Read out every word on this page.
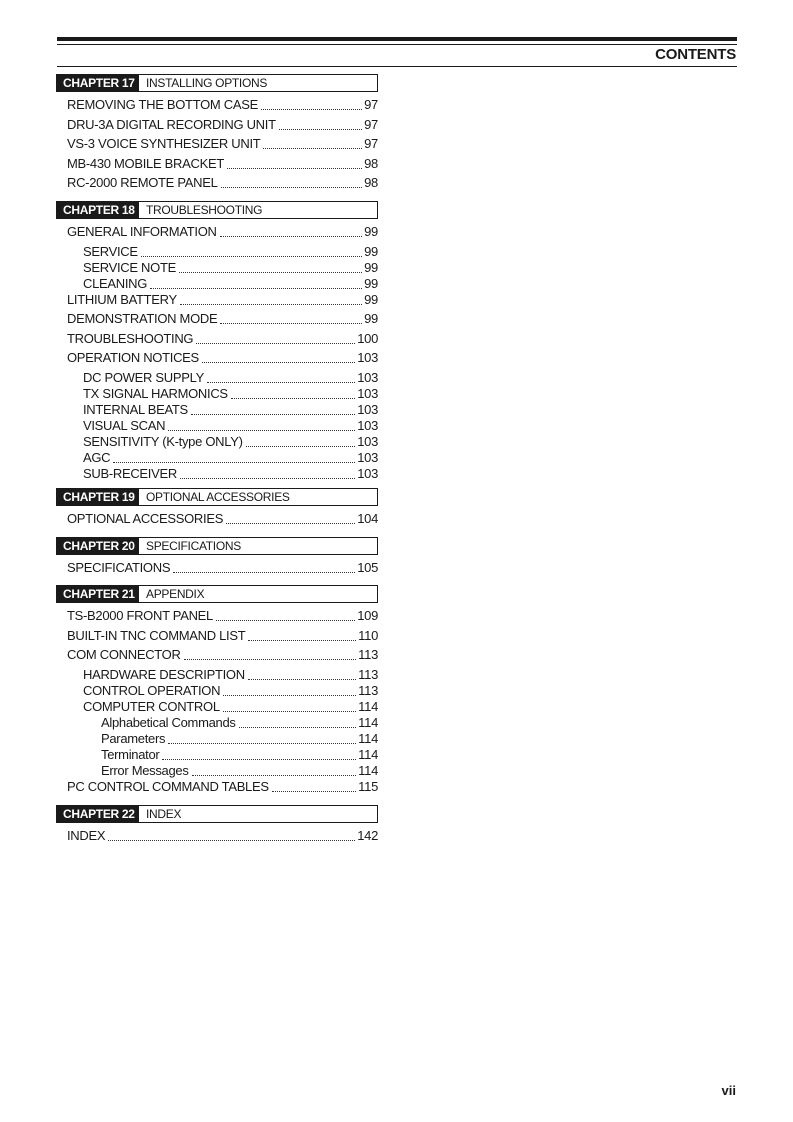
CONTENTS
CHAPTER 17 INSTALLING OPTIONS
REMOVING THE BOTTOM CASE	97
DRU-3A DIGITAL RECORDING UNIT	97
VS-3 VOICE SYNTHESIZER UNIT	97
MB-430 MOBILE BRACKET	98
RC-2000 REMOTE PANEL	98
CHAPTER 18 TROUBLESHOOTING
GENERAL INFORMATION	99
SERVICE	99
SERVICE NOTE	99
CLEANING	99
LITHIUM BATTERY	99
DEMONSTRATION MODE	99
TROUBLESHOOTING	100
OPERATION NOTICES	103
DC POWER SUPPLY	103
TX SIGNAL HARMONICS	103
INTERNAL BEATS	103
VISUAL SCAN	103
SENSITIVITY (K-type ONLY)	103
AGC	103
SUB-RECEIVER	103
CHAPTER 19 OPTIONAL ACCESSORIES
OPTIONAL ACCESSORIES	104
CHAPTER 20 SPECIFICATIONS
SPECIFICATIONS	105
CHAPTER 21 APPENDIX
TS-B2000 FRONT PANEL	109
BUILT-IN TNC COMMAND LIST	110
COM CONNECTOR	113
HARDWARE DESCRIPTION	113
CONTROL OPERATION	113
COMPUTER CONTROL	114
Alphabetical Commands	114
Parameters	114
Terminator	114
Error Messages	114
PC CONTROL COMMAND TABLES	115
CHAPTER 22 INDEX
INDEX	142
vii
